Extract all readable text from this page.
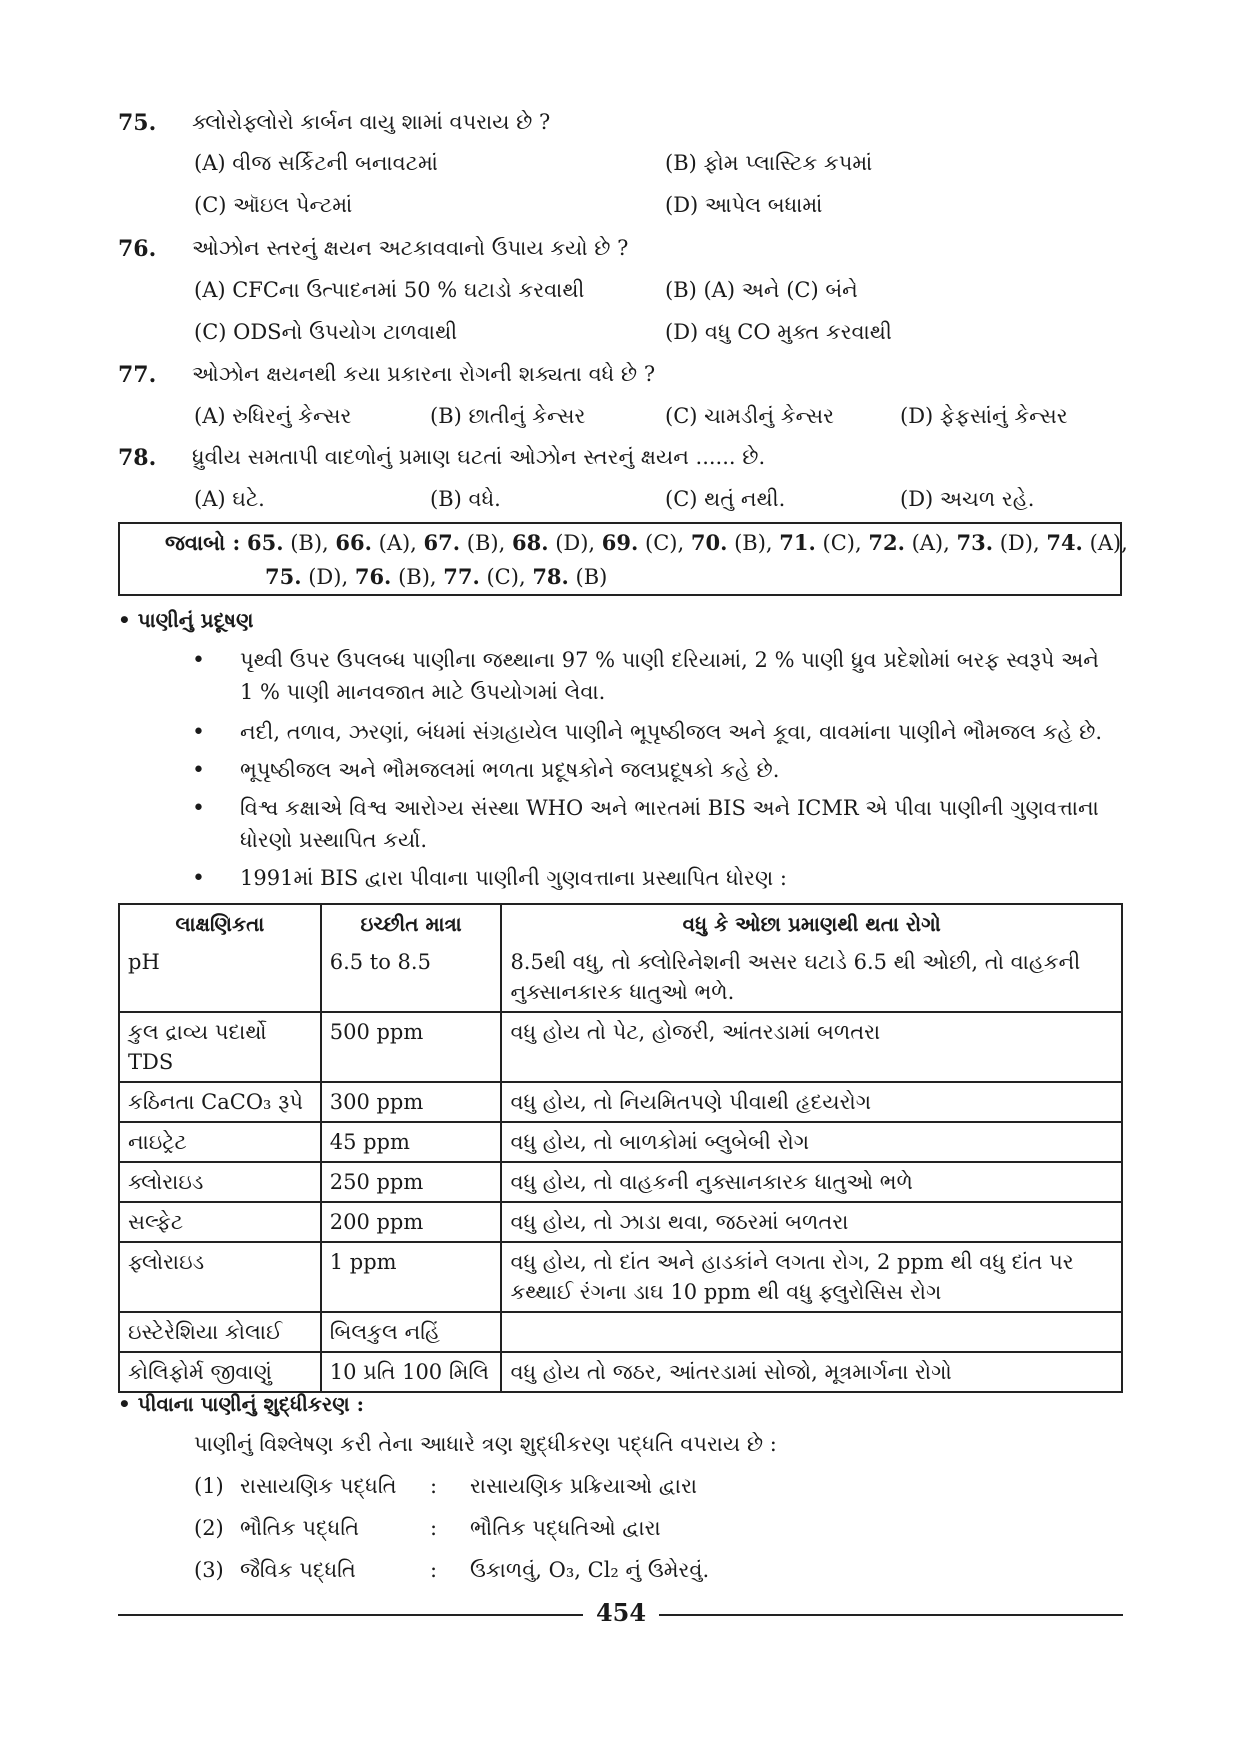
75. ક્લોરોફ્લોરો કાર્બન વાયુ શામાં વપરાય છે ?
(A) વીજ સર્કિટની બનાવટમાં	(B) ફોમ પ્લાસ્ટિક કપમાં
(C) ઑઇલ પેન્ટમાં	(D) આપેલ બધામાં
76. ઓઝોન સ્તરનું ક્ષયન અટકાવવાનો ઉપાય કયો છે ?
(A) CFCના ઉત્પાદનમાં 50 % ઘટાડો કરવાથી	(B) (A) અને (C) બંને
(C) ODSનો ઉપયોગ ટાળવાથી	(D) વધુ CO મુક્ત કરવાથી
77. ઓઝોન ક્ષયનથી કયા પ્રકારના રોગની શક્યતા વધે છે ?
(A) રુધિરનું કેન્સર	(B) છાતીનું કેન્સર	(C) ચામડીનું કેન્સર	(D) ફેફસાંનું કેન્સર
78. ધ્રુવીય સમતાપી વાદળોનું પ્રમાણ ઘટતાં ઓઝોન સ્તરનું ક્ષયન ...... છે.
(A) ઘટે.	(B) વધે.	(C) થતું નથી.	(D) અચળ રહે.
જવાબો : 65. (B), 66. (A), 67. (B), 68. (D), 69. (C), 70. (B), 71. (C), 72. (A), 73. (D), 74. (A),
75. (D), 76. (B), 77. (C), 78. (B)
• પાણીનું પ્રદૂષણ
• પૃથ્વી ઉપર ઉપલબ્ધ પાણીના જથ્થાના 97 % પાણી દરિયામાં, 2 % પાણી ધ્રુવ પ્રદેશોમાં બરફ સ્વરૂપે અને
1 % પાણી માનવજાત માટે ઉપયોગમાં લેવા.
• નદી, તળાવ, ઝરણાં, બંધમાં સંગ્રહાયેલ પાણીને ભૂપૃષ્ઠીજલ અને કૂવા, વાવમાંના પાણીને ભૌમજલ કહે છે.
• ભૂપૃષ્ઠીજલ અને ભૌમજલમાં ભળતા પ્રદૂષકોને જલપ્રદૂષકો કહે છે.
• વિશ્વ કક્ષાએ વિશ્વ આરોગ્ય સંસ્થા WHO અને ભારતમાં BIS અને ICMR એ પીવા પાણીની ગુણવત્તાના
ધોરણો પ્રસ્થાપિત કર્યા.
• 1991માં BIS દ્વારા પીવાના પાણીની ગુણવત્તાના પ્રસ્થાપિત ધોરણ :
લાક્ષણિકતા	ઇચ્છીત માત્રા	વધુ કે ઓછા પ્રમાણથી થતા રોગો
pH	6.5 to 8.5	8.5થી વધુ, તો ક્લોરિનેશની અસર ઘટાડે 6.5 થી ઓછી, તો વાહકની નુક્સાનકારક ધાતુઓ ભળે.
કુલ દ્રાવ્ય પદાર્થો TDS	500 ppm	વધુ હોય તો પેટ, હોજરી, આંતરડામાં બળતરા
કઠિનતા CaCO₃ રૂપે	300 ppm	વધુ હોય, તો નિયમિતપણે પીવાથી હૃદયરોગ
નાઇટ્રેટ	45 ppm	વધુ હોય, તો બાળકોમાં બ્લુબેબી રોગ
ક્લોરાઇડ	250 ppm	વધુ હોય, તો વાહકની નુક્સાનકારક ધાતુઓ ભળે
સલ્ફેટ	200 ppm	વધુ હોય, તો ઝાડા થવા, જઠરમાં બળતરા
ફ્લોરાઇડ	1 ppm	વધુ હોય, તો દાંત અને હાડકાંને લગતા રોગ, 2 ppm થી વધુ દાંત પર કથ્થાઈ રંગના ડાઘ 10 ppm થી વધુ ફ્લુરોસિસ રોગ
ઇસ્ટેરેશિયા કોલાઈ	બિલકુલ નહિં	
કોલિફોર્મ જીવાણું	10 પ્રતિ 100 મિલિ	વધુ હોય તો જઠર, આંતરડામાં સોજો, મૂત્રમાર્ગના રોગો
• પીવાના પાણીનું શુદ્ધીકરણ :
પાણીનું વિશ્લેષણ કરી તેના આધારે ત્રણ શુદ્ધીકરણ પદ્ધતિ વપરાય છે :
(1) રાસાયણિક પદ્ધતિ : રાસાયણિક પ્રક્રિયાઓ દ્વારા
(2) ભૌતિક પદ્ધતિ	: ભૌતિક પદ્ધતિઓ દ્વારા
(3) જૈવિક પદ્ધતિ	: ઉકાળવું, O₃, Cl₂ નું ઉમેરવું.
454
